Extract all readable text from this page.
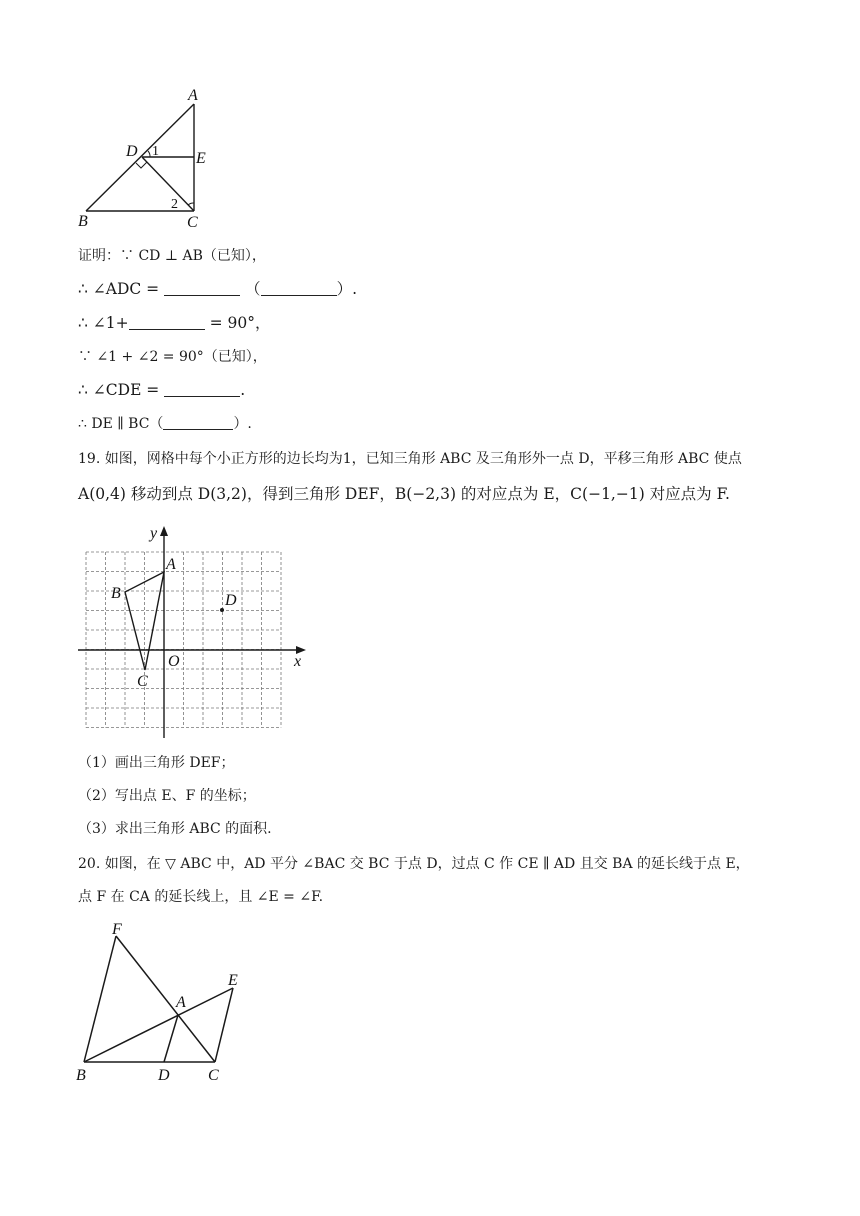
A
B	C
D	E
1
2
证明：∵ CD ⊥ AB（已知），
∴ ∠ADC =	（	）.
∴ ∠1+	= 90°，
∵ ∠1 + ∠2 = 90°（已知），
∴ ∠CDE =	.
∴ DE ∥ BC（	）.
19. 如图，网格中每个小正方形的边长均为1，已知三角形 ABC 及三角形外一点 D，平移三角形 ABC 使点
A(0,4) 移动到点 D(3,2)，得到三角形 DEF，B(−2,3) 的对应点为 E，C(−1,−1) 对应点为 F.
x
y
O
A
B
C
D
（1）画出三角形 DEF；
（2）写出点 E、F 的坐标；
（3）求出三角形 ABC 的面积.
20. 如图，在 ▽ ABC 中，AD 平分 ∠BAC 交 BC 于点 D，过点 C 作 CE ∥ AD 且交 BA 的延长线于点 E，
点 F 在 CA 的延长线上，且 ∠E = ∠F.
F
E
A
B	D C
